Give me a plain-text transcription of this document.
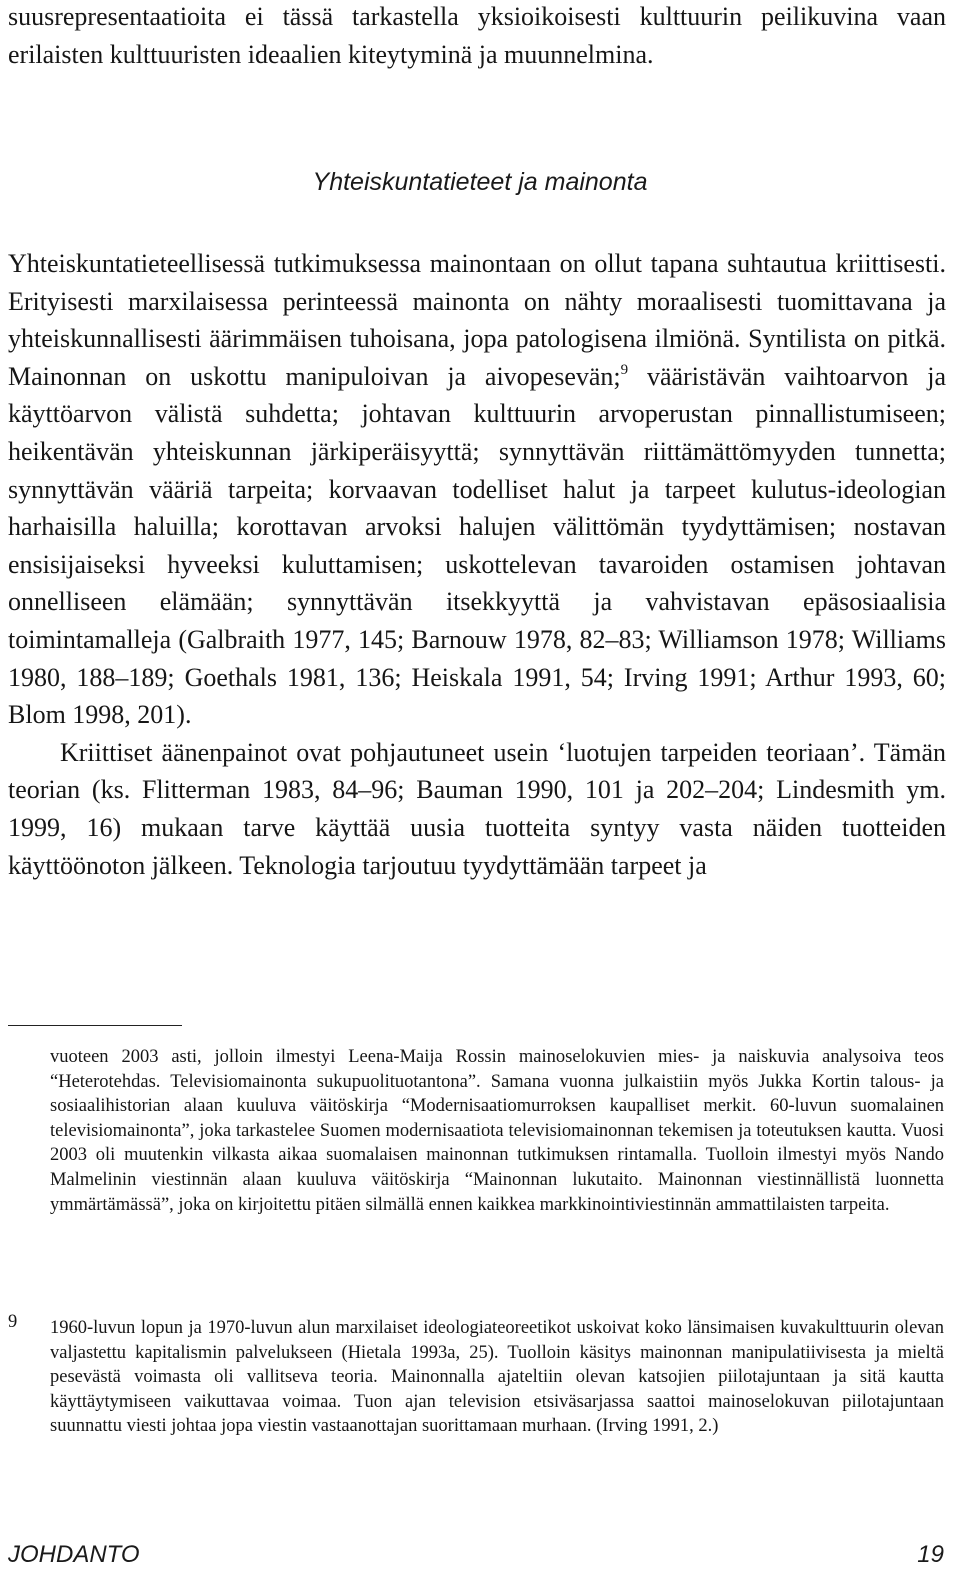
suusrepresentaatioita ei tässä tarkastella yksioikoisesti kulttuurin peilikuvina vaan erilaisten kulttuuristen ideaalien kiteytyminä ja muunnelmina.

Yhteiskuntatieteet ja mainonta

Yhteiskuntatieteellisessä tutkimuksessa mainontaan on ollut tapana suhtautua kriittisesti. Erityisesti marxilaisessa perinteessä mainonta on nähty moraalisesti tuomittavana ja yhteiskunnallisesti äärimmäisen tuhoisana, jopa patologisena ilmiönä. Syntilista on pitkä. Mainonnan on uskottu manipuloivan ja aivopesevän;$^9$ vääristävän vaihtoarvon ja käyttöarvon välistä suhdetta; johtavan kulttuurin arvoperustan pinnallistumiseen; heikentävän yhteiskunnan järkiperäisyyttä; synnyttävän riittämättömyyden tunnetta; synnyttävän vääriä tarpeita; korvaavan todelliset halut ja tarpeet kulutus-ideologian harhaisilla haluilla; korottavan arvoksi halujen välittömän tyydyttämisen; nostavan ensisijaiseksi hyveeksi kuluttamisen; uskottelevan tavaroiden ostamisen johtavan onnelliseen elämään; synnyttävän itsekkyyttä ja vahvistavan epäsosiaalisia toimintamalleja (Galbraith 1977, 145; Barnouw 1978, 82–83; Williamson 1978; Williams 1980, 188–189; Goethals 1981, 136; Heiskala 1991, 54; Irving 1991; Arthur 1993, 60; Blom 1998, 201).

Kriittiset äänenpainot ovat pohjautuneet usein ‘luotujen tarpeiden teoriaan’. Tämän teorian (ks. Flitterman 1983, 84–96; Bauman 1990, 101 ja 202–204; Lindesmith ym. 1999, 16) mukaan tarve käyttää uusia tuotteita syntyy vasta näiden tuotteiden käyttöönoton jälkeen. Teknologia tarjoutuu tyydyttämään tarpeet ja

vuoteen 2003 asti, jolloin ilmestyi Leena-Maija Rossin mainoselokuvien mies- ja naiskuvia analysoiva teos “Heterotehdas. Televisiomainonta sukupuolituotantona”. Samana vuonna julkaistiin myös Jukka Kortin talous- ja sosiaalihistorian alaan kuuluva väitöskirja “Modernisaatiomurroksen kaupalliset merkit. 60-luvun suomalainen televisiomainonta”, joka tarkastelee Suomen modernisaatiota televisiomainonnan tekemisen ja toteutuksen kautta. Vuosi 2003 oli muutenkin vilkasta aikaa suomalaisen mainonnan tutkimuksen rintamalla. Tuolloin ilmestyi myös Nando Malmelinin viestinnän alaan kuuluva väitöskirja “Mainonnan lukutaito. Mainonnan viestinnällistä luonnetta ymmärtämässä”, joka on kirjoitettu pitäen silmällä ennen kaikkea markkinointiviestinnän ammattilaisten tarpeita.
9 1960-luvun lopun ja 1970-luvun alun marxilaiset ideologiateoreetikot uskoivat koko länsimaisen kuvakulttuurin olevan valjastettu kapitalismin palvelukseen (Hietala 1993a, 25). Tuolloin käsitys mainonnan manipulatiivisesta ja mieltä pesevästä voimasta oli vallitseva teoria. Mainonnalla ajateltiin olevan katsojien piilotajuntaan ja sitä kautta käyttäytymiseen vaikuttavaa voimaa. Tuon ajan television etsiväsarjassa saattoi mainoselokuvan piilotajuntaan suunnattu viesti johtaa jopa viestin vastaanottajan suorittamaan murhaan. (Irving 1991, 2.)
JOHDANTO	19
